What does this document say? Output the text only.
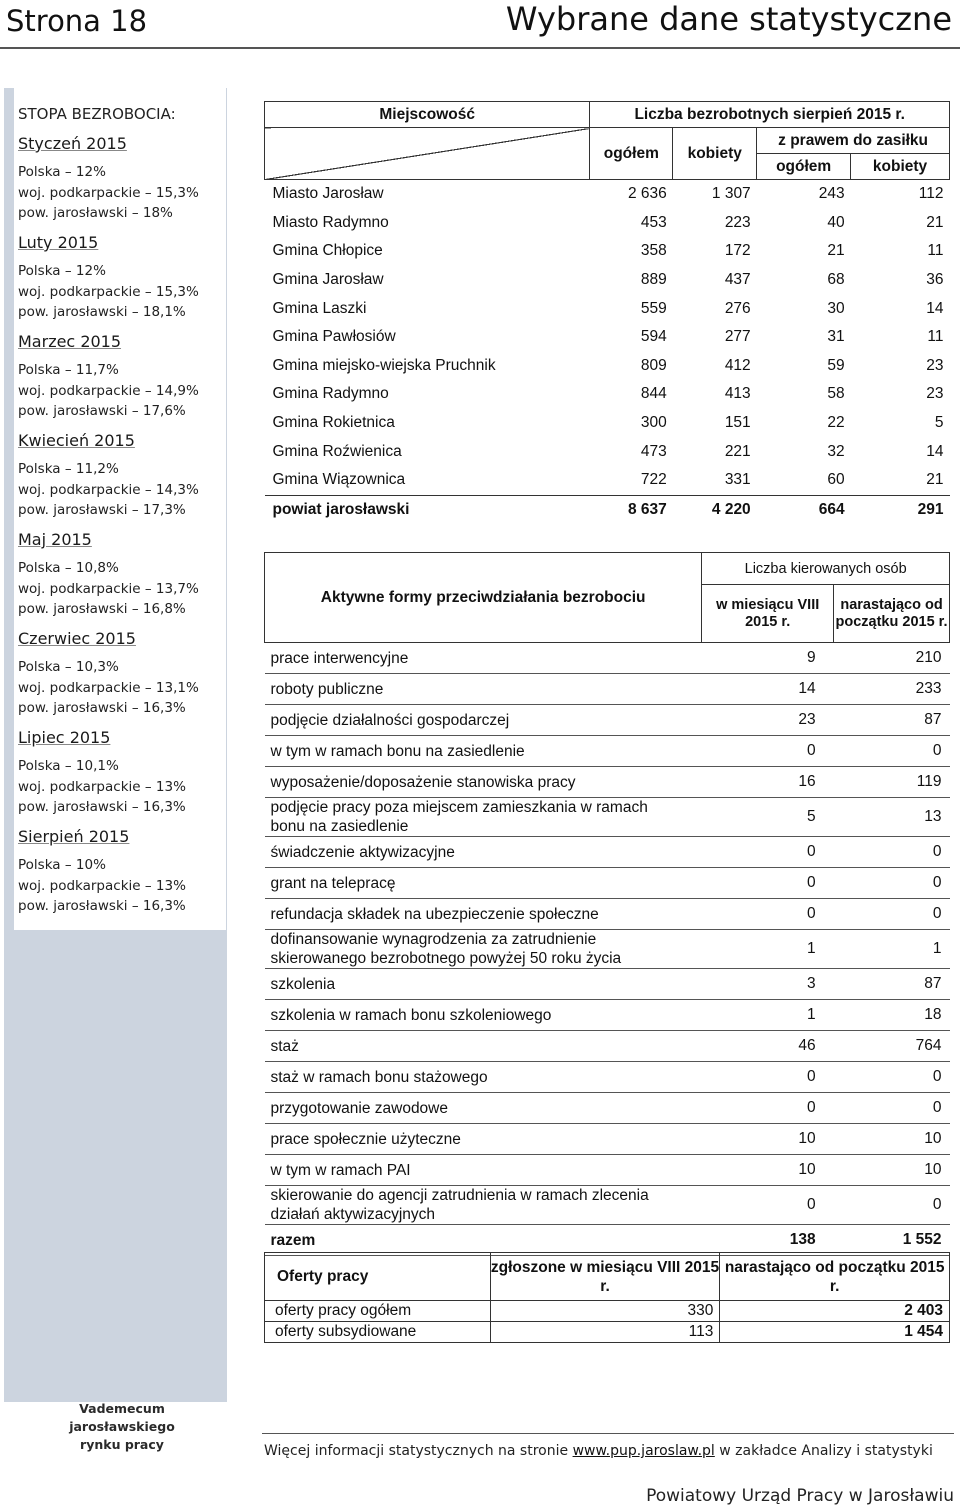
Strona 18	Wybrane dane statystyczne
STOPA BEZROBOCIA:
Styczeń 2015
Polska – 12%
woj. podkarpackie – 15,3%
pow. jarosławski – 18%
Luty 2015
Polska – 12%
woj. podkarpackie – 15,3%
pow. jarosławski – 18,1%
Marzec 2015
Polska – 11,7%
woj. podkarpackie – 14,9%
pow. jarosławski – 17,6%
Kwiecień 2015
Polska – 11,2%
woj. podkarpackie – 14,3%
pow. jarosławski – 17,3%
Maj 2015
Polska – 10,8%
woj. podkarpackie – 13,7%
pow. jarosławski – 16,8%
Czerwiec 2015
Polska – 10,3%
woj. podkarpackie – 13,1%
pow. jarosławski – 16,3%
Lipiec 2015
Polska – 10,1%
woj. podkarpackie – 13%
pow. jarosławski – 16,3%
Sierpień 2015
Polska – 10%
woj. podkarpackie – 13%
pow. jarosławski – 16,3%
Vademecum jarosławskiego
rynku pracy
Miejscowość	Liczba bezrobotnych sierpień 2015 r.			
	ogółem	kobiety	z prawem do zasiłku	
			ogółem	kobiety
Miasto Jarosław	2 636	1 307	243	112
Miasto Radymno	453	223	40	21
Gmina Chłopice	358	172	21	11
Gmina Jarosław	889	437	68	36
Gmina Laszki	559	276	30	14
Gmina Pawłosiów	594	277	31	11
Gmina miejsko-wiejska Pruchnik	809	412	59	23
Gmina Radymno	844	413	58	23
Gmina Rokietnica	300	151	22	5
Gmina Roźwienica	473	221	32	14
Gmina Wiązownica	722	331	60	21
powiat jarosławski	8 637	4 220	664	291
Aktywne formy przeciwdziałania bezrobociu	Liczba kierowanych osób	
	w miesiącu VIII 2015 r.	narastająco od początku 2015 r.
prace interwencyjne	9	210
roboty publiczne	14	233
podjęcie działalności gospodarczej	23	87
w tym w ramach bonu na zasiedlenie	0	0
wyposażenie/doposażenie stanowiska pracy	16	119
podjęcie pracy poza miejscem zamieszkania w ramach bonu na zasiedlenie	5	13
świadczenie aktywizacyjne	0	0
grant na telepracę	0	0
refundacja składek na ubezpieczenie społeczne	0	0
dofinansowanie wynagrodzenia za zatrudnienie skierowanego bezrobotnego powyżej 50 roku życia	1	1
szkolenia	3	87
szkolenia w ramach bonu szkoleniowego	1	18
staż	46	764
staż w ramach bonu stażowego	0	0
przygotowanie zawodowe	0	0
prace społecznie użyteczne	10	10
w tym w ramach PAI	10	10
skierowanie do agencji zatrudnienia w ramach zlecenia działań aktywizacyjnych	0	0
razem	138	1 552
Oferty pracy	zgłoszone w miesiącu VIII 2015 r.	narastająco od początku 2015 r.
oferty pracy ogółem	330	2 403
oferty subsydiowane	113	1 454
Więcej informacji statystycznych na stronie www.pup.jaroslaw.pl w zakładce Analizy i statystyki
Powiatowy Urząd Pracy w Jarosławiu
